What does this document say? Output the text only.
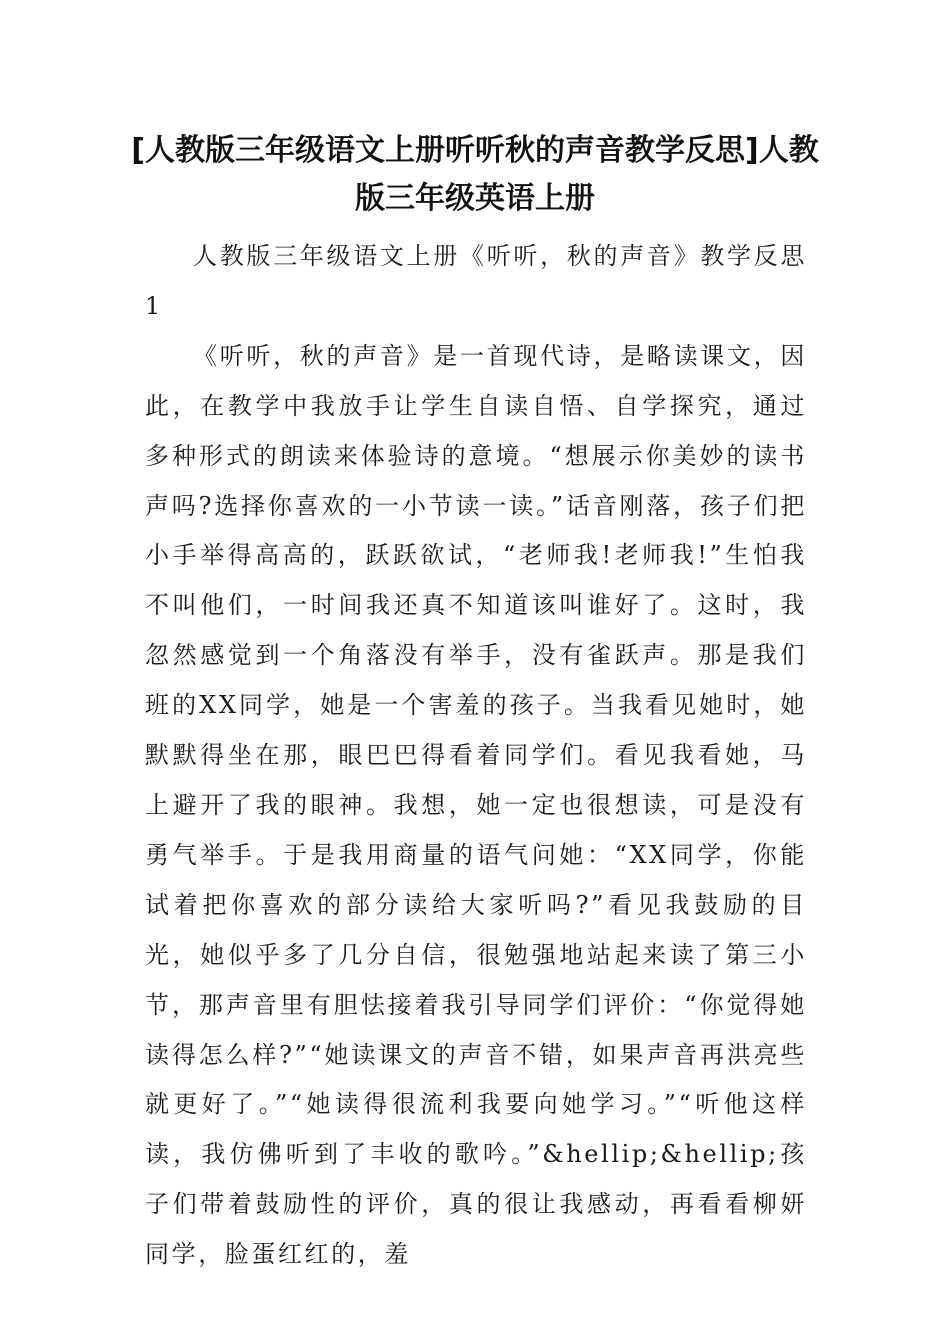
[人教版三年级语文上册听听秋的声音教学反思]人教版三年级英语上册

人教版三年级语文上册《听听，秋的声音》教学反思1

《听听，秋的声音》是一首现代诗，是略读课文，因此，在教学中我放手让学生自读自悟、自学探究，通过多种形式的朗读来体验诗的意境。“想展示你美妙的读书声吗?选择你喜欢的一小节读一读。”话音刚落，孩子们把小手举得高高的，跃跃欲试，“老师我!老师我!”生怕我不叫他们，一时间我还真不知道该叫谁好了。这时，我忽然感觉到一个角落没有举手，没有雀跃声。那是我们班的XX同学，她是一个害羞的孩子。当我看见她时，她默默得坐在那，眼巴巴得看着同学们。看见我看她，马上避开了我的眼神。我想，她一定也很想读，可是没有勇气举手。于是我用商量的语气问她：“XX同学，你能试着把你喜欢的部分读给大家听吗?”看见我鼓励的目光，她似乎多了几分自信，很勉强地站起来读了第三小节，那声音里有胆怯接着我引导同学们评价：“你觉得她读得怎么样?”“她读课文的声音不错，如果声音再洪亮些就更好了。”“她读得很流利我要向她学习。”“听他这样读，我仿佛听到了丰收的歌吟。”&hellip;&hellip;孩子们带着鼓励性的评价，真的很让我感动，再看看柳妍同学，脸蛋红红的，羞
